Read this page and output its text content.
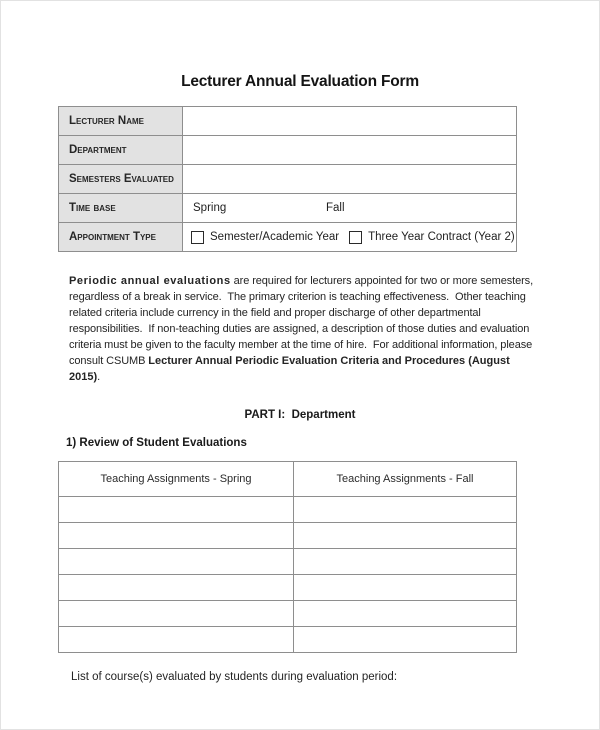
Lecturer Annual Evaluation Form
Lecturer Name	
Department	
Semesters Evaluated	
Time base	Spring Fall

Appointment Type	Semester/Academic Year Three Year Contract (Year 2)

Periodic annual evaluations are required for lecturers appointed for two or more semesters, regardless of a break in service.  The primary criterion is teaching effectiveness.  Other teaching related criteria include currency in the field and proper discharge of other departmental responsibilities.  If non-teaching duties are assigned, a description of those duties and evaluation criteria must be given to the faculty member at the time of hire.  For additional information, please consult CSUMB Lecturer Annual Periodic Evaluation Criteria and Procedures (August 2015).

PART I:  Department
1) Review of Student Evaluations
Teaching Assignments - Spring	Teaching Assignments - Fall

List of course(s) evaluated by students during evaluation period:
